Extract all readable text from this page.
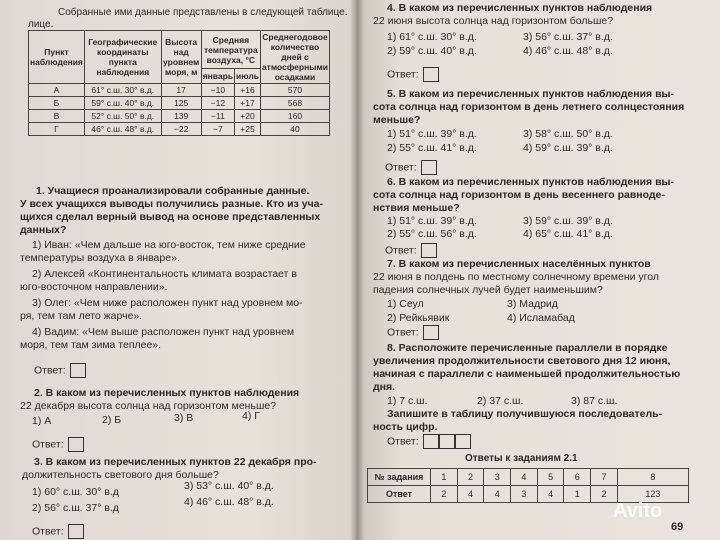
Собранные ими данные представлены в следующей таблице.
лице.
Пункт наблюдения	Географические координаты пункта наблюдения	Высота над уровнем моря, м	Средняя температура воздуха, °С		Среднегодовое количество дней с атмосферными осадками
			январь	июль	
А	61° с.ш. 30° в.д.	17	−10	+16	570
Б	59° с.ш. 40° в.д.	125	−12	+17	568
В	52° с.ш. 50° в.д.	139	−11	+20	160
Г	46° с.ш. 48° в.д.	−22	−7	+25	40
1. Учащиеся проанализировали собранные данные.
У всех учащихся выводы получились разные. Кто из уча-
щихся сделал верный вывод на основе представленных
данных?
1) Иван: «Чем дальше на юго-восток, тем ниже средние
температуры воздуха в январе».
2) Алексей «Континентальность климата возрастает в
юго-восточном направлении».
3) Олег: «Чем ниже расположен пункт над уровнем мо-
ря, тем там лето жарче».
4) Вадим: «Чем выше расположен пункт над уровнем
моря, тем там зима теплее».
Ответ:
2. В каком из перечисленных пунктов наблюдения
22 декабря высота солнца над горизонтом меньше?
1) А	2) Б	3) В	4) Г
Ответ:
3. В каком из перечисленных пунктов 22 декабря про-
должительность светового дня больше?
1) 60° с.ш. 30° в.д	3) 53° с.ш. 40° в.д.
2) 56° с.ш. 37° в.д	4) 46° с.ш. 48° в.д.
Ответ:
4. В каком из перечисленных пунктов наблюдения
22 июня высота солнца над горизонтом больше?
1) 61° с.ш. 30° в.д.	3) 56° с.ш. 37° в.д.
2) 59° с.ш. 40° в.д.	4) 46° с.ш. 48° в.д.
Ответ:
5. В каком из перечисленных пунктов наблюдения вы-
сота солнца над горизонтом в день летнего солнцестояния
меньше?
1) 51° с.ш. 39° в.д.	3) 58° с.ш. 50° в.д.
2) 55° с.ш. 41° в.д.	4) 59° с.ш. 39° в.д.
Ответ:
6. В каком из перечисленных пунктов наблюдения вы-
сота солнца над горизонтом в день весеннего равноде-
нствия меньше?
1) 51° с.ш. 39° в.д.	3) 59° с.ш. 39° в.д.
2) 55° с.ш. 56° в.д.	4) 65° с.ш. 41° в.д.
Ответ:
7. В каком из перечисленных населённых пунктов
22 июня в полдень по местному солнечному времени угол
падения солнечных лучей будет наименьшим?
1) Сеул	3) Мадрид
2) Рейкьявик	4) Исламабад
Ответ:
8. Расположите перечисленные параллели в порядке
увеличения продолжительности светового дня 12 июня,
начиная с параллели с наименьшей продолжительностью
дня.
1) 7 с.ш.	2) 37 с.ш.	3) 87 с.ш.
Запишите в таблицу получившуюся последователь-
ность цифр.
Ответ:
Ответы к заданиям 2.1
№ задания	1	2	3	4	5	6	7	8
Ответ	2	4	4	3	4	1	2	123
Avito
69
